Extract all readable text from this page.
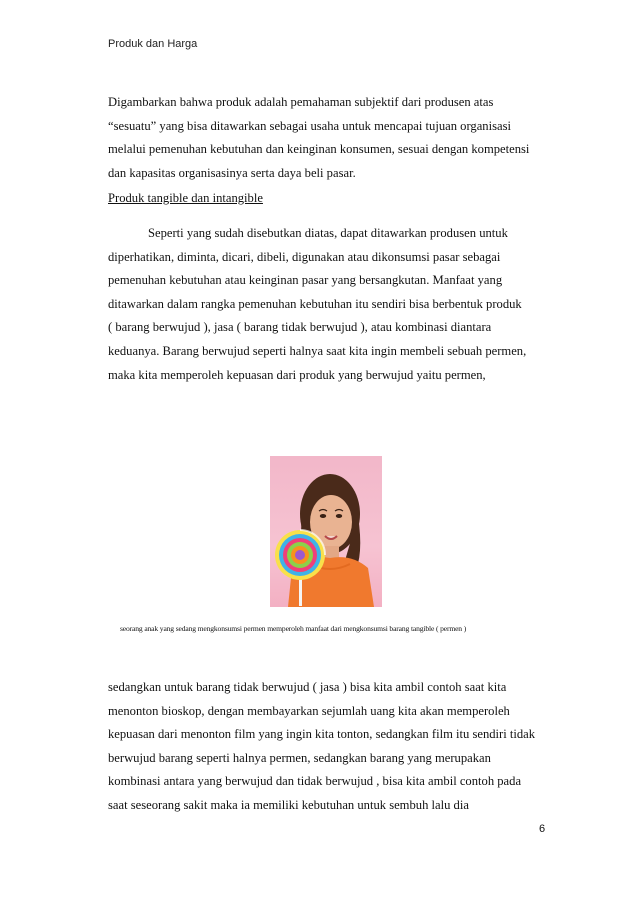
Produk dan Harga
Digambarkan bahwa produk adalah pemahaman subjektif dari produsen atas
“sesuatu” yang bisa ditawarkan sebagai usaha untuk mencapai tujuan organisasi
melalui pemenuhan kebutuhan dan keinginan konsumen, sesuai dengan kompetensi
dan kapasitas organisasinya serta daya beli pasar.
Produk tangible dan intangible
Seperti yang sudah disebutkan diatas, dapat ditawarkan produsen untuk
diperhatikan, diminta, dicari, dibeli, digunakan atau dikonsumsi pasar sebagai
pemenuhan kebutuhan atau keinginan pasar yang bersangkutan. Manfaat yang
ditawarkan dalam rangka pemenuhan kebutuhan itu sendiri bisa berbentuk produk
( barang berwujud ), jasa ( barang tidak berwujud ), atau kombinasi diantara
keduanya. Barang berwujud seperti halnya saat kita ingin membeli sebuah permen,
maka kita memperoleh kepuasan dari produk yang berwujud yaitu permen,
seorang anak yang sedang mengkonsumsi permen memperoleh manfaat dari mengkonsumsi barang tangible ( permen )
sedangkan untuk barang tidak berwujud ( jasa ) bisa kita ambil contoh saat kita
menonton bioskop, dengan membayarkan sejumlah uang kita akan memperoleh
kepuasan dari menonton film yang ingin kita tonton, sedangkan film itu sendiri tidak
berwujud barang seperti halnya permen, sedangkan barang yang merupakan
kombinasi antara yang berwujud dan tidak berwujud , bisa kita ambil contoh pada
saat seseorang sakit maka ia memiliki kebutuhan untuk sembuh lalu dia
6
